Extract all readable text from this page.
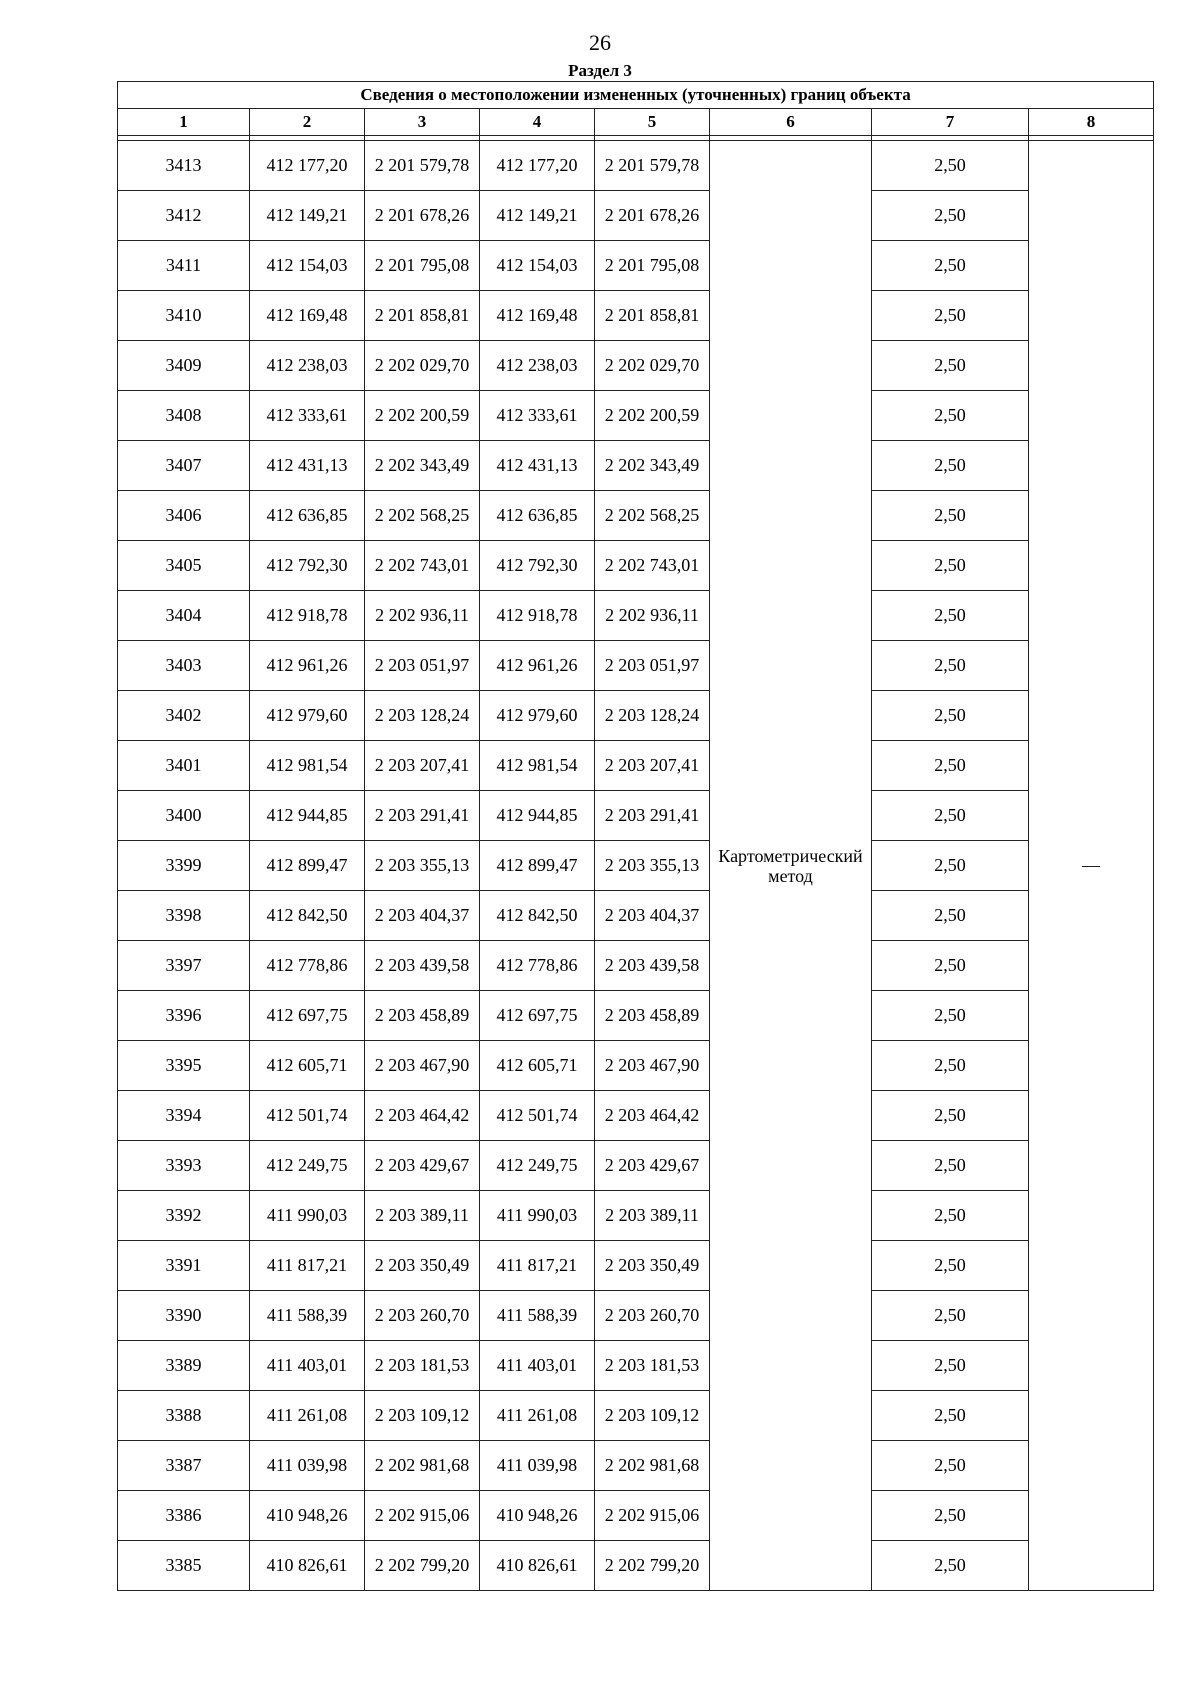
26
Раздел 3
Сведения о местоположении измененных (уточненных) границ объекта							
1	2	3	4	5	6	7	8

3413	412 177,20	2 201 579,78	412 177,20	2 201 579,78	Картометрический метод	2,50	—
3412	412 149,21	2 201 678,26	412 149,21	2 201 678,26		2,50	
3411	412 154,03	2 201 795,08	412 154,03	2 201 795,08		2,50	
3410	412 169,48	2 201 858,81	412 169,48	2 201 858,81		2,50	
3409	412 238,03	2 202 029,70	412 238,03	2 202 029,70		2,50	
3408	412 333,61	2 202 200,59	412 333,61	2 202 200,59		2,50	
3407	412 431,13	2 202 343,49	412 431,13	2 202 343,49		2,50	
3406	412 636,85	2 202 568,25	412 636,85	2 202 568,25		2,50	
3405	412 792,30	2 202 743,01	412 792,30	2 202 743,01		2,50	
3404	412 918,78	2 202 936,11	412 918,78	2 202 936,11		2,50	
3403	412 961,26	2 203 051,97	412 961,26	2 203 051,97		2,50	
3402	412 979,60	2 203 128,24	412 979,60	2 203 128,24		2,50	
3401	412 981,54	2 203 207,41	412 981,54	2 203 207,41		2,50	
3400	412 944,85	2 203 291,41	412 944,85	2 203 291,41		2,50	
3399	412 899,47	2 203 355,13	412 899,47	2 203 355,13		2,50	
3398	412 842,50	2 203 404,37	412 842,50	2 203 404,37		2,50	
3397	412 778,86	2 203 439,58	412 778,86	2 203 439,58		2,50	
3396	412 697,75	2 203 458,89	412 697,75	2 203 458,89		2,50	
3395	412 605,71	2 203 467,90	412 605,71	2 203 467,90		2,50	
3394	412 501,74	2 203 464,42	412 501,74	2 203 464,42		2,50	
3393	412 249,75	2 203 429,67	412 249,75	2 203 429,67		2,50	
3392	411 990,03	2 203 389,11	411 990,03	2 203 389,11		2,50	
3391	411 817,21	2 203 350,49	411 817,21	2 203 350,49		2,50	
3390	411 588,39	2 203 260,70	411 588,39	2 203 260,70		2,50	
3389	411 403,01	2 203 181,53	411 403,01	2 203 181,53		2,50	
3388	411 261,08	2 203 109,12	411 261,08	2 203 109,12		2,50	
3387	411 039,98	2 202 981,68	411 039,98	2 202 981,68		2,50	
3386	410 948,26	2 202 915,06	410 948,26	2 202 915,06		2,50	
3385	410 826,61	2 202 799,20	410 826,61	2 202 799,20		2,50	
